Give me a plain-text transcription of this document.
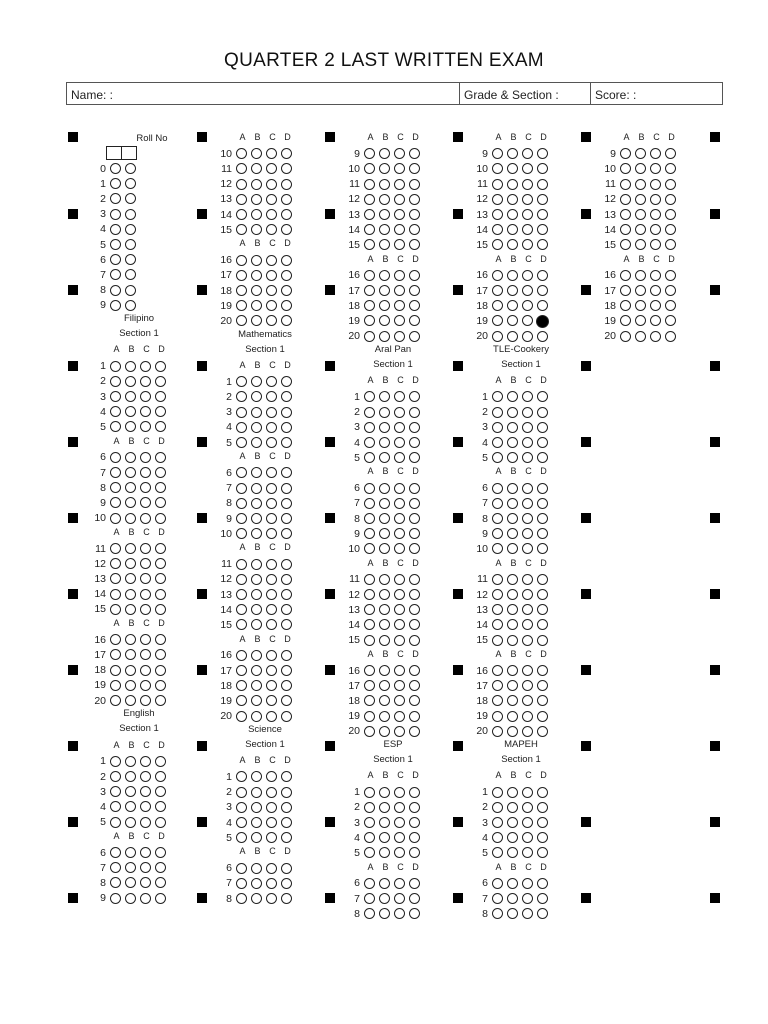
QUARTER 2 LAST WRITTEN EXAM
Name: :	Grade & Section :	Score: :
Roll No
0
1
2
3
4
5
6
7
8
9
Filipino
Section 1
A B C D
1
2
3
4
5
A B C D
6
7
8
9
10
A B C D
11
12
13
14
15
A B C D
16
17
18
19
20
English
Section 1
A B C D
1
2
3
4
5
A B C D
6
7
8
9
A B C D
10
11
12
13
14
15
A B C D
16
17
18
19
20
Mathematics
Section 1
A B C D
1
2
3
4
5
A B C D
6
7
8
9
10
A B C D
11
12
13
14
15
A B C D
16
17
18
19
20
Science
Section 1
A B C D
1
2
3
4
5
A B C D
6
7
8
A B C D
9
10
11
12
13
14
15
A B C D
16
17
18
19
20
Aral Pan
Section 1
A B C D
1
2
3
4
5
A B C D
6
7
8
9
10
A B C D
11
12
13
14
15
A B C D
16
17
18
19
20
ESP
Section 1
A B C D
1
2
3
4
5
A B C D
6
7
8
A B C D
9
10
11
12
13
14
15
A B C D
16
17
18
19
20
TLE-Cookery
Section 1
A B C D
1
2
3
4
5
A B C D
6
7
8
9
10
A B C D
11
12
13
14
15
A B C D
16
17
18
19
20
MAPEH
Section 1
A B C D
1
2
3
4
5
A B C D
6
7
8
A B C D
9
10
11
12
13
14
15
A B C D
16
17
18
19
20
